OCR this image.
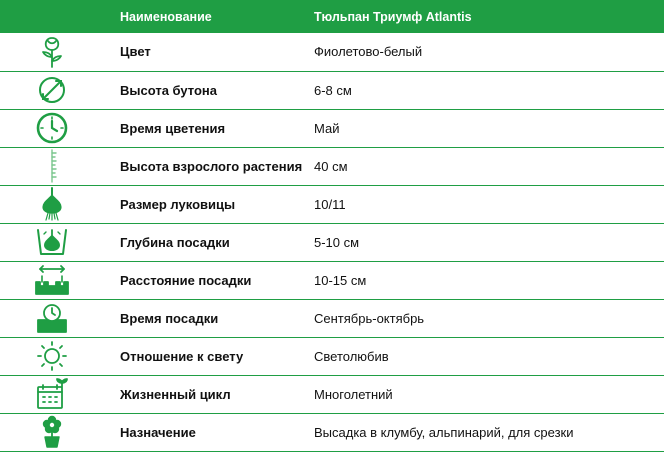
	Наименование	Тюльпан Триумф Atlantis

	Цвет	Фиолетово-белый

	Высота бутона	6-8 см

	Время цветения	Май

	Высота взрослого растения	40 см

	Размер луковицы	10/11

	Глубина посадки	5-10 см

	Расстояние посадки	10-15 см

	Время посадки	Сентябрь-октябрь

	Отношение к свету	Светолюбив

	Жизненный цикл	Многолетний

	Назначение	Высадка в клумбу, альпинарий, для срезки
